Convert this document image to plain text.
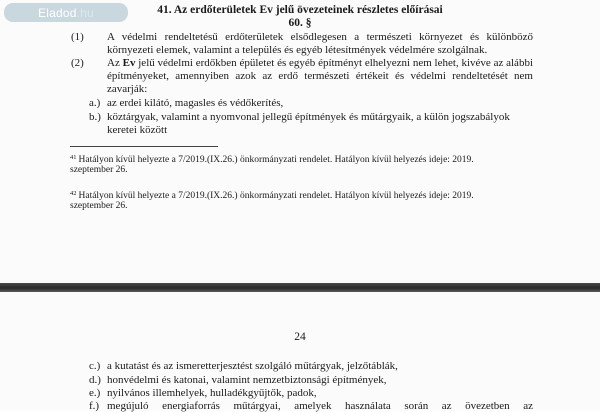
Eladod .hu	41. Az erdőterületek Ev jelű övezeteinek részletes előírásai
60. §
(1) A védelmi rendeltetésű erdőterületek elsődlegesen a természeti környezet és különböző
környezeti elemek, valamint a település és egyéb létesítmények védelmére szolgálnak.
(2) Az Ev jelű védelmi erdőkben épületet és egyéb építményt elhelyezni nem lehet, kivéve az alábbi
építményeket, amennyiben azok az erdő természeti értékeit és védelmi rendeltetését nem
zavarják:
a.) az erdei kilátó, magasles és védőkerítés,
b.) köztárgyak, valamint a nyomvonal jellegű építmények és műtárgyaik, a külön jogszabályok
keretei között
$^{41}$ Hatályon kívül helyezte a 7/2019.(IX.26.) önkormányzati rendelet. Hatályon kívül helyezés ideje: 2019.
szeptember 26.
$^{42}$ Hatályon kívül helyezte a 7/2019.(IX.26.) önkormányzati rendelet. Hatályon kívül helyezés ideje: 2019.
szeptember 26.
24
c.) a kutatást és az ismeretterjesztést szolgáló műtárgyak, jelzőtáblák,
d.) honvédelmi és katonai, valamint nemzetbiztonsági építmények,
e.) nyilvános illemhelyek, hulladékgyűjtők, padok,
f.) megújuló energiaforrás műtárgyai, amelyek használata során az övezetben az
